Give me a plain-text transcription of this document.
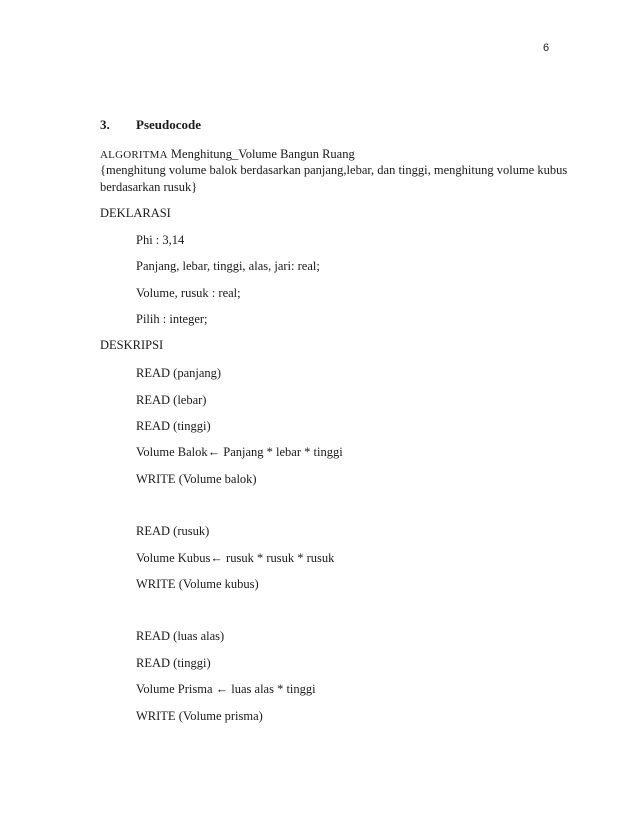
6
3. Pseudocode
ALGORITMA Menghitung_Volume Bangun Ruang
{menghitung volume balok berdasarkan panjang,lebar, dan tinggi, menghitung volume kubus
berdasarkan rusuk}
DEKLARASI
Phi : 3,14
Panjang, lebar, tinggi, alas, jari: real;
Volume, rusuk : real;
Pilih : integer;
DESKRIPSI
READ (panjang)
READ (lebar)
READ (tinggi)
Volume Balok← Panjang * lebar * tinggi
WRITE (Volume balok)
READ (rusuk)
Volume Kubus← rusuk * rusuk * rusuk
WRITE (Volume kubus)
READ (luas alas)
READ (tinggi)
Volume Prisma ← luas alas * tinggi
WRITE (Volume prisma)
